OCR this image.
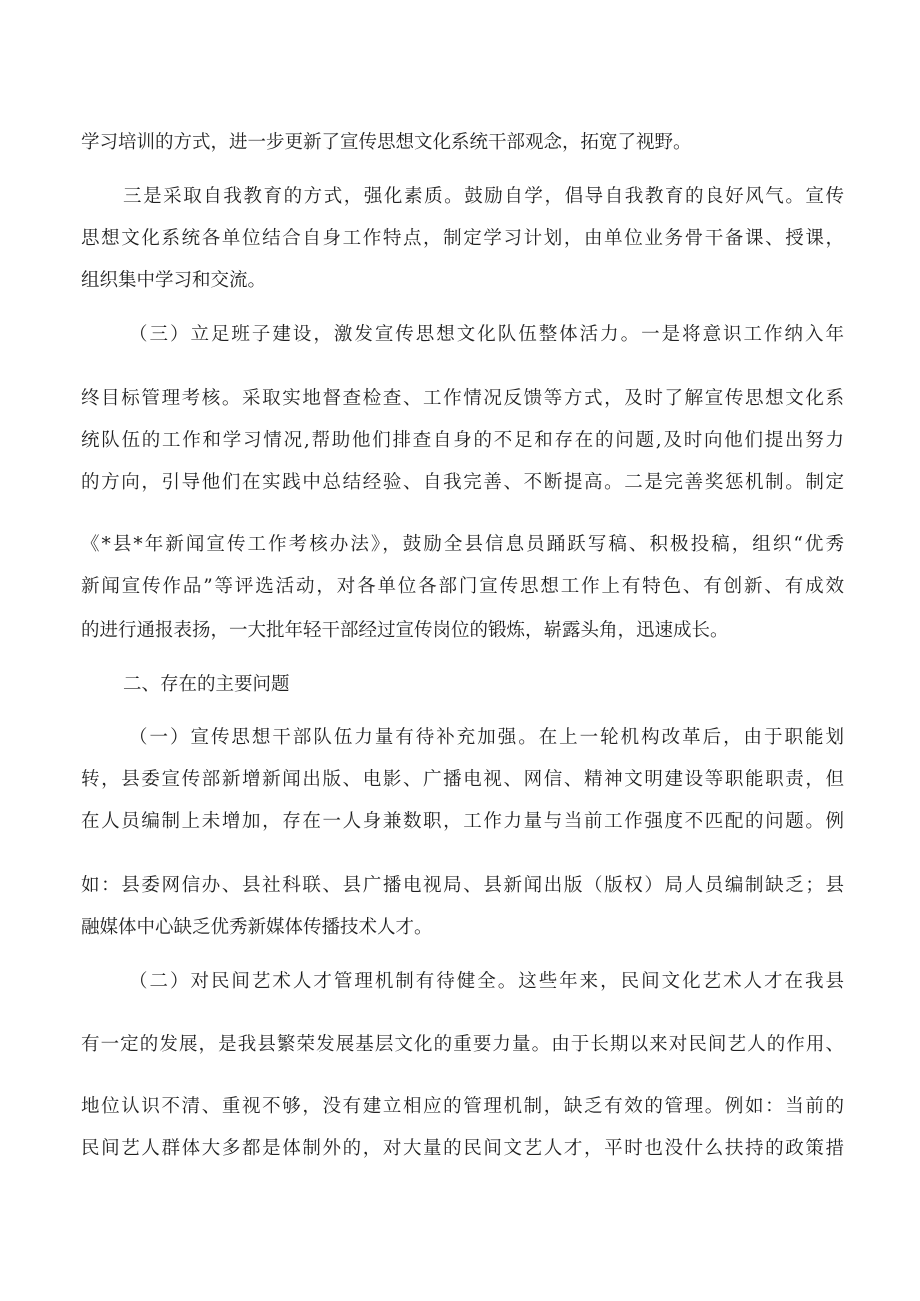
学习培训的方式，进一步更新了宣传思想文化系统干部观念，拓宽了视野。
三是采取自我教育的方式，强化素质。鼓励自学，倡导自我教育的良好风气。宣传
思想文化系统各单位结合自身工作特点，制定学习计划，由单位业务骨干备课、授课，
组织集中学习和交流。
（三）立足班子建设，激发宣传思想文化队伍整体活力。一是将意识工作纳入年
终目标管理考核。采取实地督查检查、工作情况反馈等方式，及时了解宣传思想文化系
统队伍的工作和学习情况,帮助他们排查自身的不足和存在的问题,及时向他们提出努力
的方向，引导他们在实践中总结经验、自我完善、不断提高。二是完善奖惩机制。制定
《*县*年新闻宣传工作考核办法》，鼓励全县信息员踊跃写稿、积极投稿，组织“优秀
新闻宣传作品”等评选活动，对各单位各部门宣传思想工作上有特色、有创新、有成效
的进行通报表扬，一大批年轻干部经过宣传岗位的锻炼，崭露头角，迅速成长。
二、存在的主要问题
（一）宣传思想干部队伍力量有待补充加强。在上一轮机构改革后，由于职能划
转，县委宣传部新增新闻出版、电影、广播电视、网信、精神文明建设等职能职责，但
在人员编制上未增加，存在一人身兼数职，工作力量与当前工作强度不匹配的问题。例
如：县委网信办、县社科联、县广播电视局、县新闻出版（版权）局人员编制缺乏；县
融媒体中心缺乏优秀新媒体传播技术人才。
（二）对民间艺术人才管理机制有待健全。这些年来，民间文化艺术人才在我县
有一定的发展，是我县繁荣发展基层文化的重要力量。由于长期以来对民间艺人的作用、
地位认识不清、重视不够，没有建立相应的管理机制，缺乏有效的管理。例如：当前的
民间艺人群体大多都是体制外的，对大量的民间文艺人才，平时也没什么扶持的政策措
